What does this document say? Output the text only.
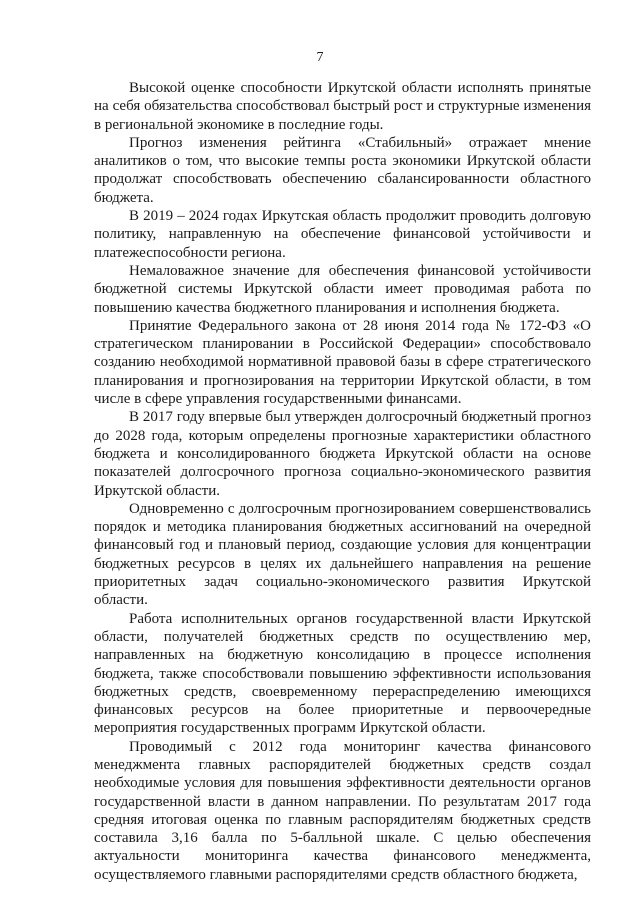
7

Высокой оценке способности Иркутской области исполнять принятые на себя обязательства способствовал быстрый рост и структурные изменения в региональной экономике в последние годы.

Прогноз изменения рейтинга «Стабильный» отражает мнение аналитиков о том, что высокие темпы роста экономики Иркутской области продолжат способствовать обеспечению сбалансированности областного бюджета.

В 2019 – 2024 годах Иркутская область продолжит проводить долговую политику, направленную на обеспечение финансовой устойчивости и платежеспособности региона.

Немаловажное значение для обеспечения финансовой устойчивости бюджетной системы Иркутской области имеет проводимая работа по повышению качества бюджетного планирования и исполнения бюджета.

Принятие Федерального закона от 28 июня 2014 года № 172-ФЗ «О стратегическом планировании в Российской Федерации» способствовало созданию необходимой нормативной правовой базы в сфере стратегического планирования и прогнозирования на территории Иркутской области, в том числе в сфере управления государственными финансами.

В 2017 году впервые был утвержден долгосрочный бюджетный прогноз до 2028 года, которым определены прогнозные характеристики областного бюджета и консолидированного бюджета Иркутской области на основе показателей долгосрочного прогноза социально-экономического развития Иркутской области.

Одновременно с долгосрочным прогнозированием совершенствовались порядок и методика планирования бюджетных ассигнований на очередной финансовый год и плановый период, создающие условия для концентрации бюджетных ресурсов в целях их дальнейшего направления на решение приоритетных задач социально-экономического развития Иркутской области.

Работа исполнительных органов государственной власти Иркутской области, получателей бюджетных средств по осуществлению мер, направленных на бюджетную консолидацию в процессе исполнения бюджета, также способствовали повышению эффективности использования бюджетных средств, своевременному перераспределению имеющихся финансовых ресурсов на более приоритетные и первоочередные мероприятия государственных программ Иркутской области.

Проводимый с 2012 года мониторинг качества финансового менеджмента главных распорядителей бюджетных средств создал необходимые условия для повышения эффективности деятельности органов государственной власти в данном направлении. По результатам 2017 года средняя итоговая оценка по главным распорядителям бюджетных средств составила 3,16 балла по 5-балльной шкале. С целью обеспечения актуальности мониторинга качества финансового менеджмента, осуществляемого главными распорядителями средств областного бюджета,
